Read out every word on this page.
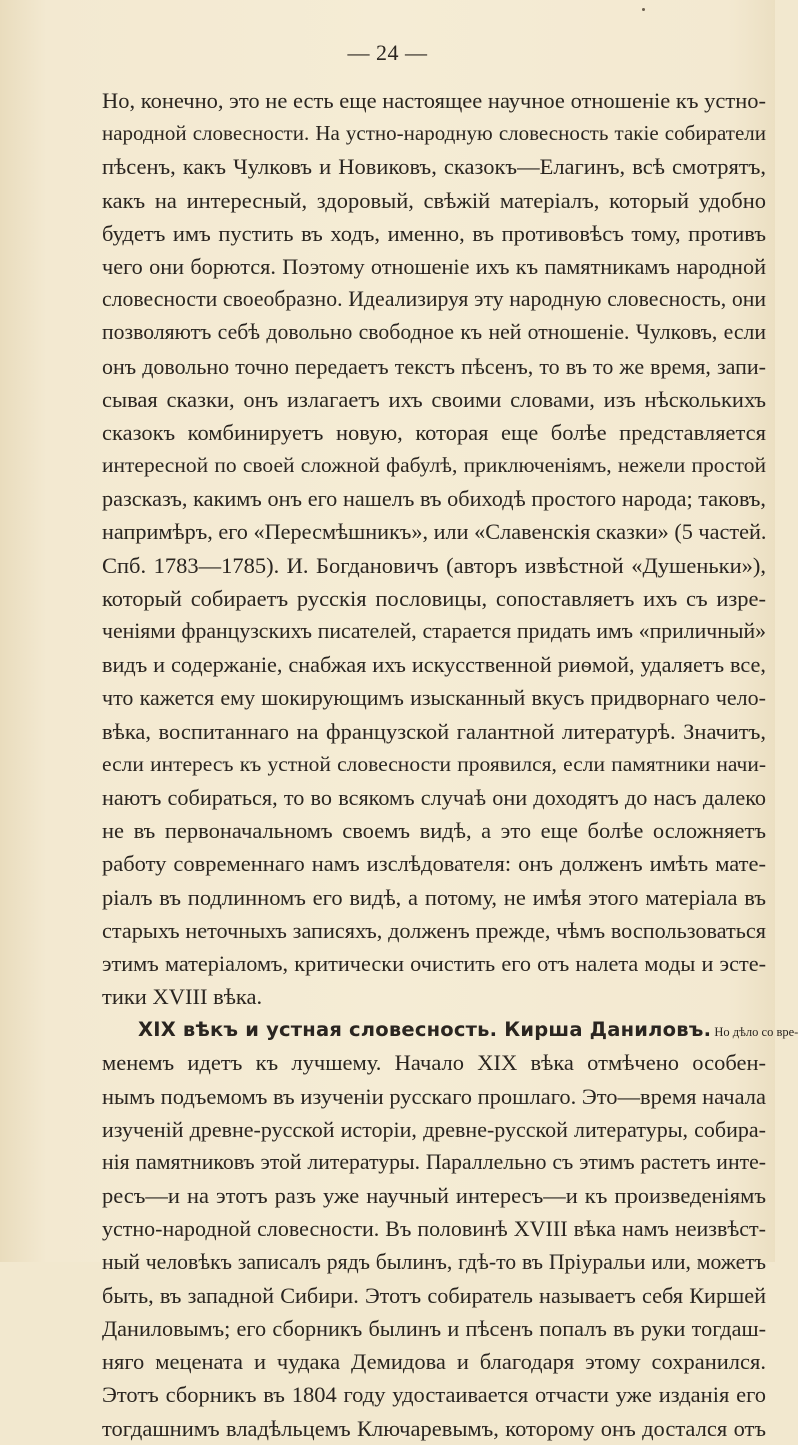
— 24 —
Но, конечно, это не есть еще настоящее научное отношеніе къ устно-
народной словесности. На устно-народную словесность такіе собиратели
пѣсенъ, какъ Чулковъ и Новиковъ, сказокъ—Елагинъ, всѣ смотрятъ,
какъ на интересный, здоровый, свѣжій матеріалъ, который удобно
будетъ имъ пустить въ ходъ, именно, въ противовѣсъ тому, противъ
чего они борются. Поэтому отношеніе ихъ къ памятникамъ народной
словесности своеобразно. Идеализируя эту народную словесность, они
позволяютъ себѣ довольно свободное къ ней отношеніе. Чулковъ, если
онъ довольно точно передаетъ текстъ пѣсенъ, то въ то же время, запи-
сывая сказки, онъ излагаетъ ихъ своими словами, изъ нѣсколькихъ
сказокъ комбинируетъ новую, которая еще болѣе представляется
интересной по своей сложной фабулѣ, приключеніямъ, нежели простой
разсказъ, какимъ онъ его нашелъ въ обиходѣ простого народа; таковъ,
напримѣръ, его «Пересмѣшникъ», или «Славенскія сказки» (5 частей.
Спб. 1783—1785). И. Богдановичъ (авторъ извѣстной «Душеньки»),
который собираетъ русскія пословицы, сопоставляетъ ихъ съ изре-
ченіями французскихъ писателей, старается придать имъ «приличный»
видъ и содержаніе, снабжая ихъ искусственной риѳмой, удаляетъ все,
что кажется ему шокирующимъ изысканный вкусъ придворнаго чело-
вѣка, воспитаннаго на французской галантной литературѣ. Значитъ,
если интересъ къ устной словесности проявился, если памятники начи-
наютъ собираться, то во всякомъ случаѣ они доходятъ до насъ далеко
не въ первоначальномъ своемъ видѣ, а это еще болѣе осложняетъ
работу современнаго намъ изслѣдователя: онъ долженъ имѣть мате-
ріалъ въ подлинномъ его видѣ, а потому, не имѣя этого матеріала въ
старыхъ неточныхъ записяхъ, долженъ прежде, чѣмъ воспользоваться
этимъ матеріаломъ, критически очистить его отъ налета моды и эсте-
тики XVIII вѣка.
XIX вѣкъ и устная словесность. Кирша Даниловъ. Но дѣло со вре-
менемъ идетъ къ лучшему. Начало XIX вѣка отмѣчено особен-
нымъ подъемомъ въ изученіи русскаго прошлаго. Это—время начала
изученій древне-русской исторіи, древне-русской литературы, собира-
нія памятниковъ этой литературы. Параллельно съ этимъ растетъ инте-
ресъ—и на этотъ разъ уже научный интересъ—и къ произведеніямъ
устно-народной словесности. Въ половинѣ XVIII вѣка намъ неизвѣст-
ный человѣкъ записалъ рядъ былинъ, гдѣ-то въ Пріуральи или, можетъ
быть, въ западной Сибири. Этотъ собиратель называетъ себя Киршей
Даниловымъ; его сборникъ былинъ и пѣсенъ попалъ въ руки тогдаш-
няго мецената и чудака Демидова и благодаря этому сохранился.
Этотъ сборникъ въ 1804 году удостаивается отчасти уже изданія его
тогдашнимъ владѣльцемъ Ключаревымъ, которому онъ достался отъ
